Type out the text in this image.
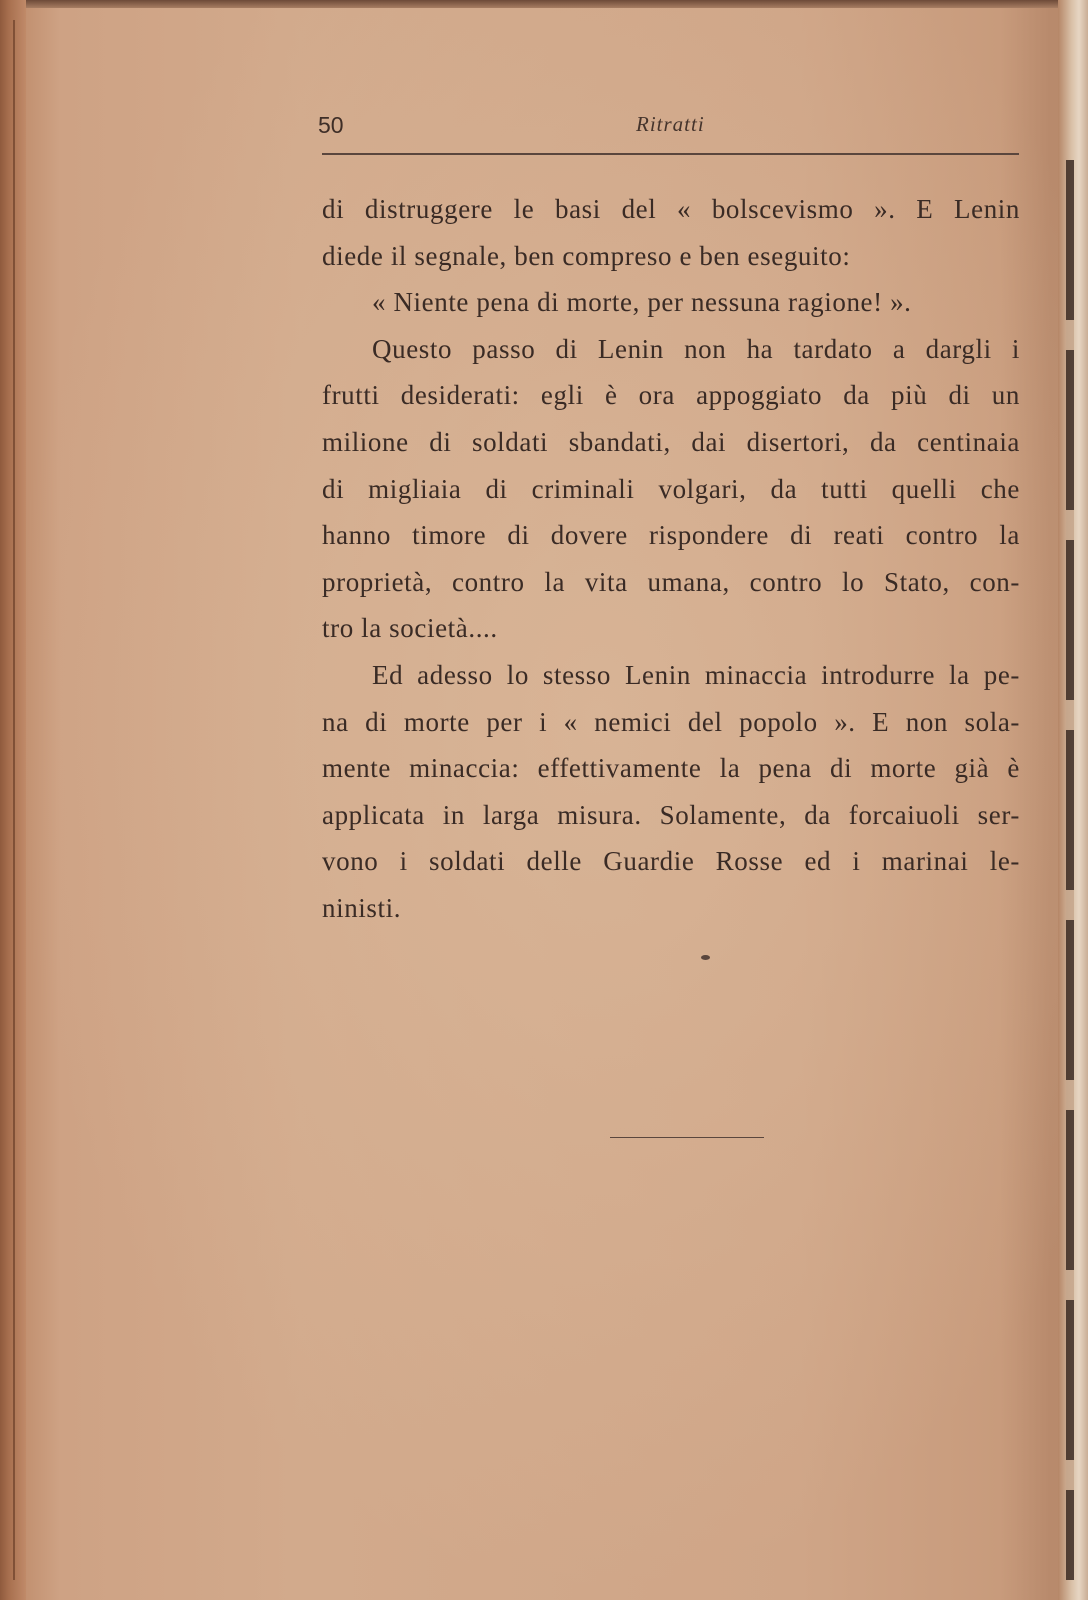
50	Ritratti
di distruggere le basi del « bolscevismo ». E Lenin
diede il segnale, ben compreso e ben eseguito:
« Niente pena di morte, per nessuna ragione! ».
Questo passo di Lenin non ha tardato a dargli i
frutti desiderati: egli è ora appoggiato da più di un
milione di soldati sbandati, dai disertori, da centinaia
di migliaia di criminali volgari, da tutti quelli che
hanno timore di dovere rispondere di reati contro la
proprietà, contro la vita umana, contro lo Stato, con-
tro la società....
Ed adesso lo stesso Lenin minaccia introdurre la pe-
na di morte per i « nemici del popolo ». E non sola-
mente minaccia: effettivamente la pena di morte già è
applicata in larga misura. Solamente, da forcaiuoli ser-
vono i soldati delle Guardie Rosse ed i marinai le-
ninisti.
